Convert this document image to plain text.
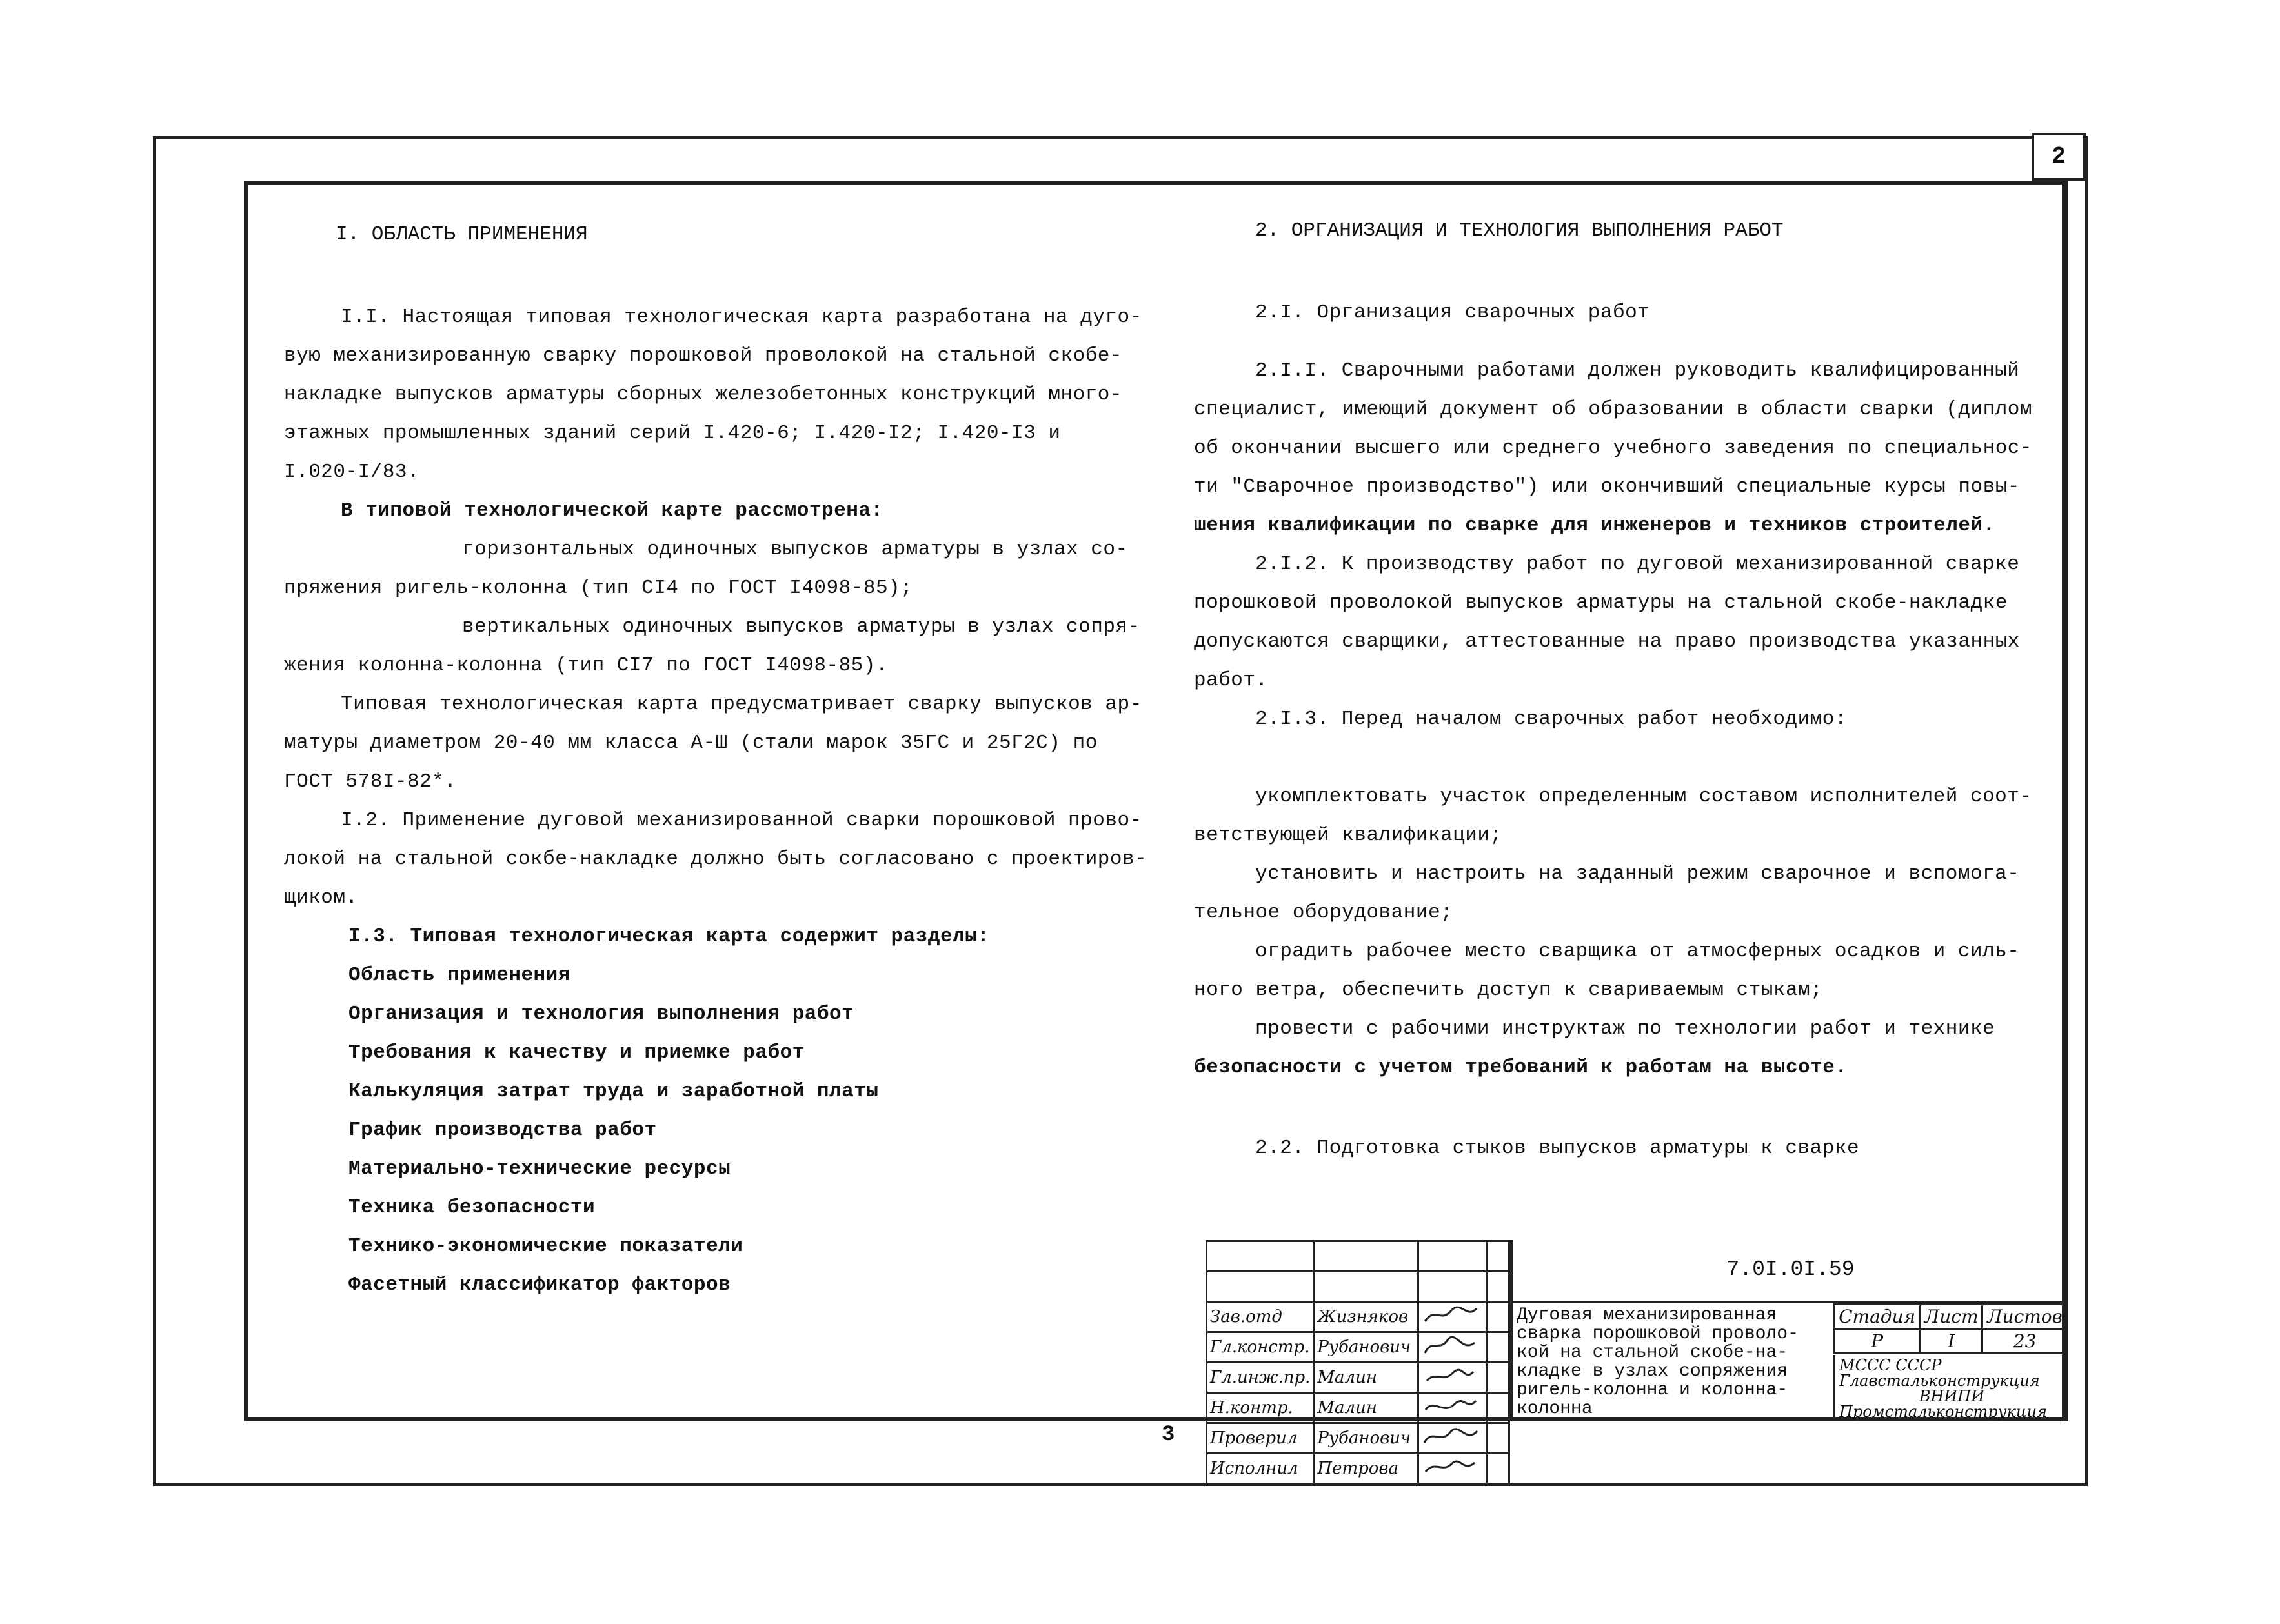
2
I. ОБЛАСТЬ ПРИМЕНЕНИЯ
I.I. Настоящая типовая технологическая карта разработана на дуго-
вую механизированную сварку порошковой проволокой на стальной скобе-
накладке выпусков арматуры сборных железобетонных конструкций много-
этажных промышленных зданий серий I.420-6; I.420-I2; I.420-I3 и
I.020-I/83.
В типовой технологической карте рассмотрена:
горизонтальных одиночных выпусков арматуры в узлах со-
пряжения ригель-колонна (тип СI4 по ГОСТ I4098-85);
вертикальных одиночных выпусков арматуры в узлах сопря-
жения колонна-колонна (тип СI7 по ГОСТ I4098-85).
Типовая технологическая карта предусматривает сварку выпусков ар-
матуры диаметром 20-40 мм класса А-Ш (стали марок 35ГС и 25Г2С) по
ГОСТ 578I-82*.
I.2. Применение дуговой механизированной сварки порошковой прово-
локой на стальной сокбе-накладке должно быть согласовано с проектиров-
щиком.
I.3. Типовая технологическая карта содержит разделы:
Область применения
Организация и технология выполнения работ
Требования к качеству и приемке работ
Калькуляция затрат труда и заработной платы
График производства работ
Материально-технические ресурсы
Техника безопасности
Технико-экономические показатели
Фасетный классификатор факторов
2. ОРГАНИЗАЦИЯ И ТЕХНОЛОГИЯ ВЫПОЛНЕНИЯ РАБОТ
2.I. Организация сварочных работ
2.I.I. Сварочными работами должен руководить квалифицированный
специалист, имеющий документ об образовании в области сварки (диплом
об окончании высшего или среднего учебного заведения по специальнос-
ти "Сварочное производство") или окончивший специальные курсы повы-
шения квалификации по сварке для инженеров и техников строителей.
2.I.2. К производству работ по дуговой механизированной сварке
порошковой проволокой выпусков арматуры на стальной скобе-накладке
допускаются сварщики, аттестованные на право производства указанных
работ.
2.I.3. Перед началом сварочных работ необходимо:
укомплектовать участок определенным составом исполнителей соот-
ветствующей квалификации;
установить и настроить на заданный режим сварочное и вспомога-
тельное оборудование;
оградить рабочее место сварщика от атмосферных осадков и силь-
ного ветра, обеспечить доступ к свариваемым стыкам;
провести с рабочими инструктаж по технологии работ и технике
безопасности с учетом требований к работам на высоте.
2.2. Подготовка стыков выпусков арматуры к сварке

Зав.отд	Жизняков		
Гл.констр.	Рубанович		
Гл.инж.пр.	Малин		
Н.контр.	Малин		
Проверил	Рубанович		
Исполнил	Петрова		
7.0I.0I.59
Дуговая механизированная
сварка порошковой проволо-
кой на стальной скобе-на-
кладке в узлах сопряжения
ригель-колонна и колонна-
колонна
Стадия	Лист	Листов
Р	I	23
МССС СССР
Главстальконструкция
ВНИПИ
Промстальконструкция
3
